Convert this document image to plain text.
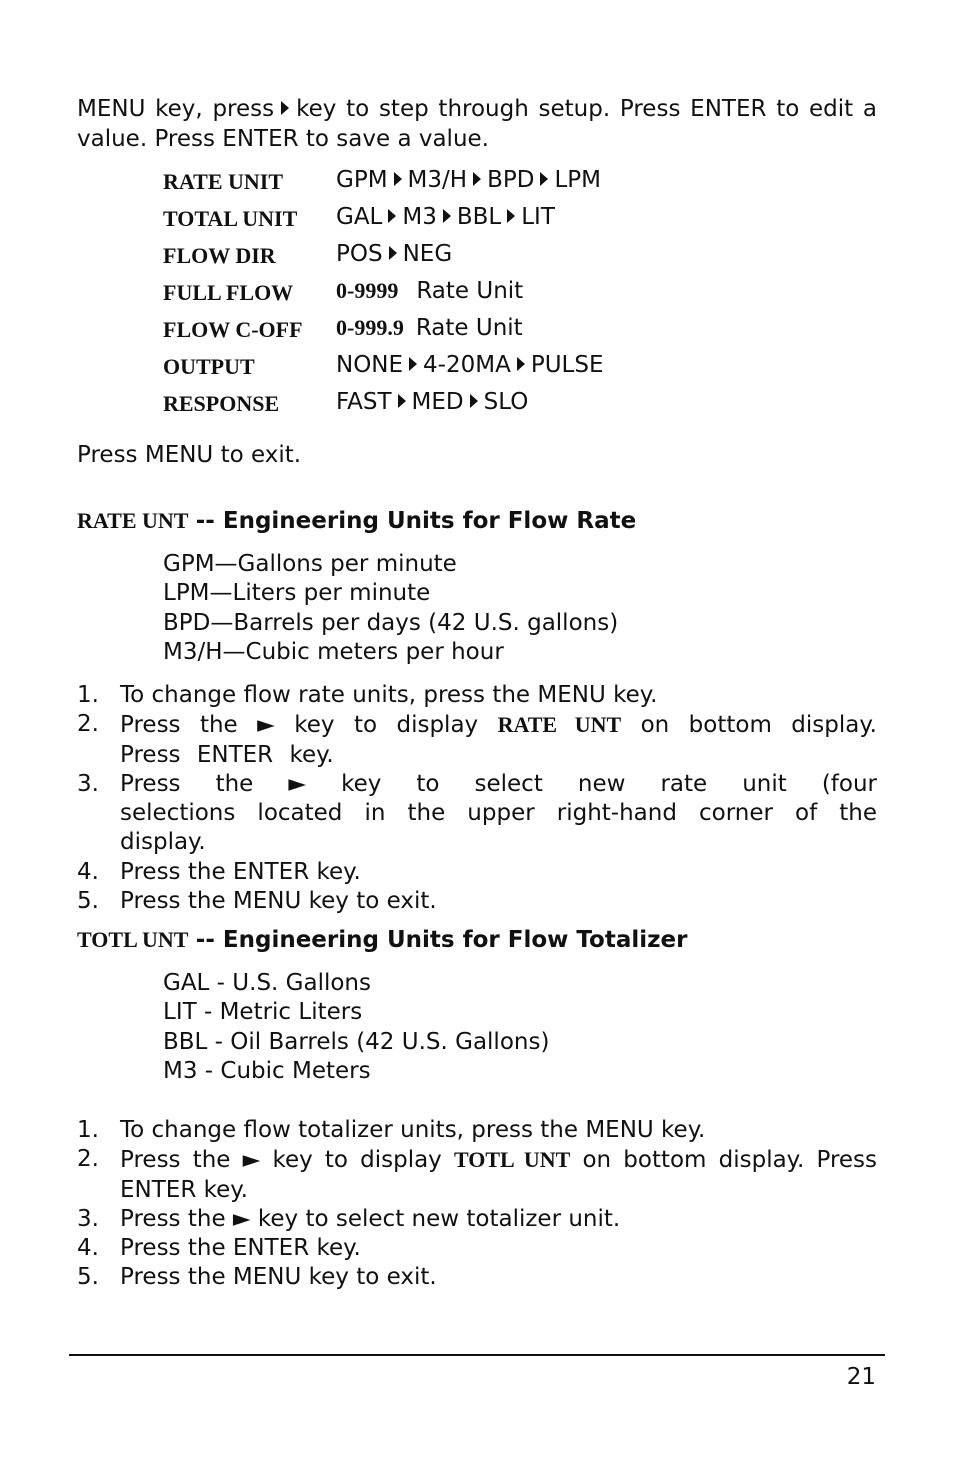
MENU key, press key to step through setup. Press ENTER to edit a value. Press ENTER to save a value.
RATE UNIT GPM M3/H BPD LPM
TOTAL UNIT GAL M3 BBL LIT
FLOW DIR	POS NEG
FULL FLOW 0-9999 Rate Unit
FLOW C-OFF 0-999.9 Rate Unit
OUTPUT	NONE 4-20MA PULSE
RESPONSE FAST MED SLO
Press MENU to exit.
RATE UNT -- Engineering Units for Flow Rate
GPM—Gallons per minute
LPM—Liters per minute
BPD—Barrels per days (42 U.S. gallons)
M3/H—Cubic meters per hour
1. To change flow rate units, press the MENU key.
2. Press the ► key to display RATE UNT on bottom display. Press ENTER key.
3. Press the ► key to select new rate unit (four selections located in the upper right-hand corner of the display.
4. Press the ENTER key.
5. Press the MENU key to exit.
TOTL UNT -- Engineering Units for Flow Totalizer
GAL - U.S. Gallons
LIT - Metric Liters
BBL - Oil Barrels (42 U.S. Gallons)
M3 - Cubic Meters
1. To change flow totalizer units, press the MENU key.
2. Press the ► key to display TOTL UNT on bottom display. Press ENTER key.
3. Press the ► key to select new totalizer unit.
4. Press the ENTER key.
5. Press the MENU key to exit.
21
